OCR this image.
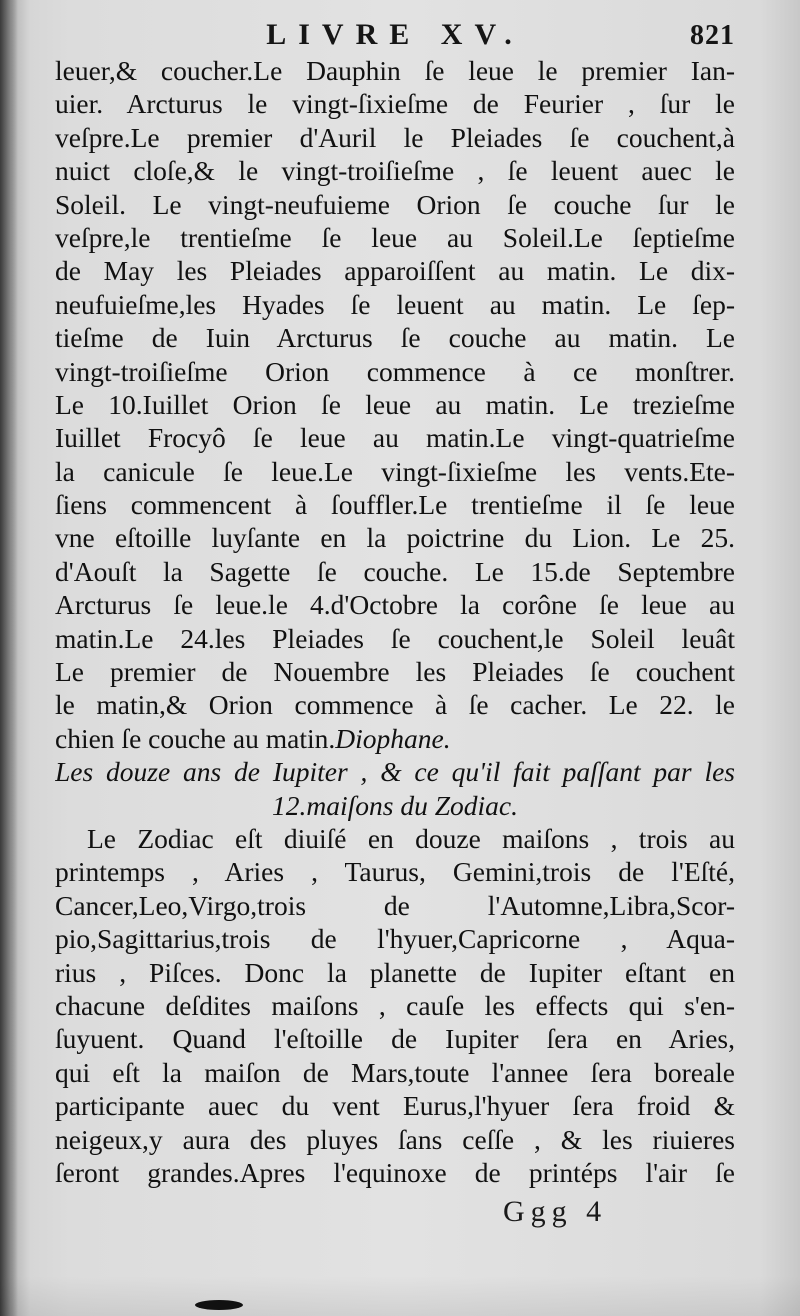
LIVRE XV.	821
leuer,& coucher.Le Dauphin ſe leue le premier Ian-
uier. Arcturus le vingt-ſixieſme de Feurier , ſur le
veſpre.Le premier d'Auril le Pleiades ſe couchent,à
nuict cloſe,& le vingt-troiſieſme , ſe leuent auec le
Soleil. Le vingt-neufuieme Orion ſe couche ſur le
veſpre,le trentieſme ſe leue au Soleil.Le ſeptieſme
de May les Pleiades apparoiſſent au matin. Le dix-
neufuieſme,les Hyades ſe leuent au matin. Le ſep-
tieſme de Iuin Arcturus ſe couche au matin. Le
vingt-troiſieſme Orion commence à ce monſtrer.
Le 10.Iuillet Orion ſe leue au matin. Le trezieſme
Iuillet Frocyô ſe leue au matin.Le vingt-quatrieſme
la canicule ſe leue.Le vingt-ſixieſme les vents.Ete-
ſiens commencent à ſouffler.Le trentieſme il ſe leue
vne eſtoille luyſante en la poictrine du Lion. Le 25.
d'Aouſt la Sagette ſe couche. Le 15.de Septembre
Arcturus ſe leue.le 4.d'Octobre la corône ſe leue au
matin.Le 24.les Pleiades ſe couchent,le Soleil leuât
Le premier de Nouembre les Pleiades ſe couchent
le matin,& Orion commence à ſe cacher. Le 22. le
chien ſe couche au matin.Diophane.
Les douze ans de Iupiter , & ce qu'il fait paſſant par les
12.maiſons du Zodiac.
Le Zodiac eſt diuiſé en douze maiſons , trois au
printemps , Aries , Taurus, Gemini,trois de l'Eſté,
Cancer,Leo,Virgo,trois de l'Automne,Libra,Scor-
pio,Sagittarius,trois de l'hyuer,Capricorne , Aqua-
rius , Piſces. Donc la planette de Iupiter eſtant en
chacune deſdites maiſons , cauſe les effects qui s'en-
ſuyuent. Quand l'eſtoille de Iupiter ſera en Aries,
qui eſt la maiſon de Mars,toute l'annee ſera boreale
participante auec du vent Eurus,l'hyuer ſera froid &
neigeux,y aura des pluyes ſans ceſſe , & les riuieres
ſeront grandes.Apres l'equinoxe de printéps l'air ſe
Ggg 4
